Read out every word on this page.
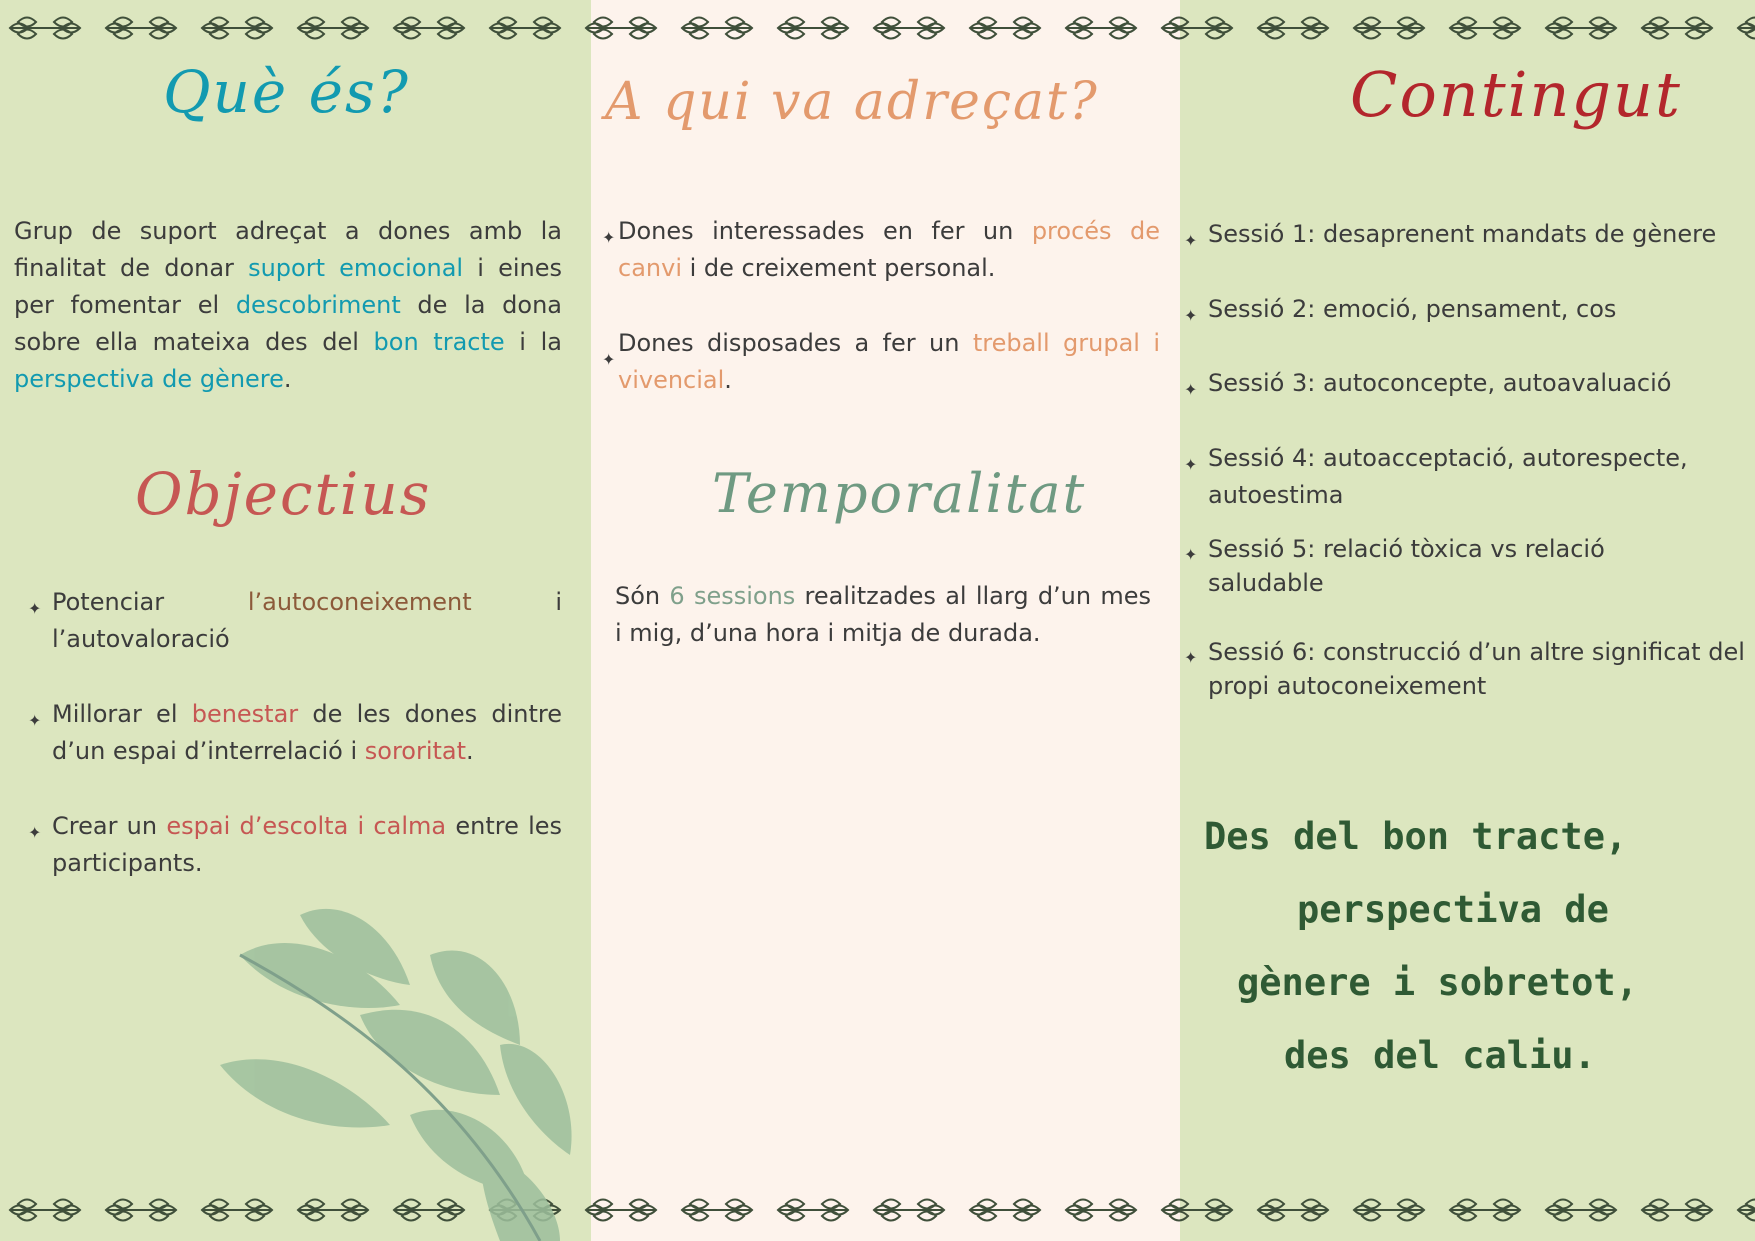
Què és?

Grup de suport adreçat a dones amb la finalitat de donar suport emocional i eines per fomentar el descobriment de la dona sobre ella mateixa des del bon tracte i la perspectiva de gènere.

Objectius
✦ Potenciar l’autoconeixement i l’autovaloració
✦ Millorar el benestar de les dones dintre d’un espai d’interrelació i sororitat.
✦ Crear un espai d’escolta i calma entre les participants.
A qui va adreçat?
✦ Dones interessades en fer un procés de canvi i de creixement personal.
✦
Dones disposades a fer un treball grupal i vivencial.
Temporalitat

Són 6 sessions realitzades al llarg d’un mes i mig, d’una hora i mitja de durada.

Contingut
✦ Sessió 1: desaprenent mandats de gènere
✦ Sessió 2: emoció, pensament, cos
✦ Sessió 3: autoconcepte, autoavaluació
✦ Sessió 4: autoacceptació, autorespecte, autoestima
✦ Sessió 5: relació tòxica vs relació saludable
✦ Sessió 6: construcció d’un altre significat del propi autoconeixement
Des del bon tracte,
perspectiva de
gènere i sobretot,
des del caliu.
